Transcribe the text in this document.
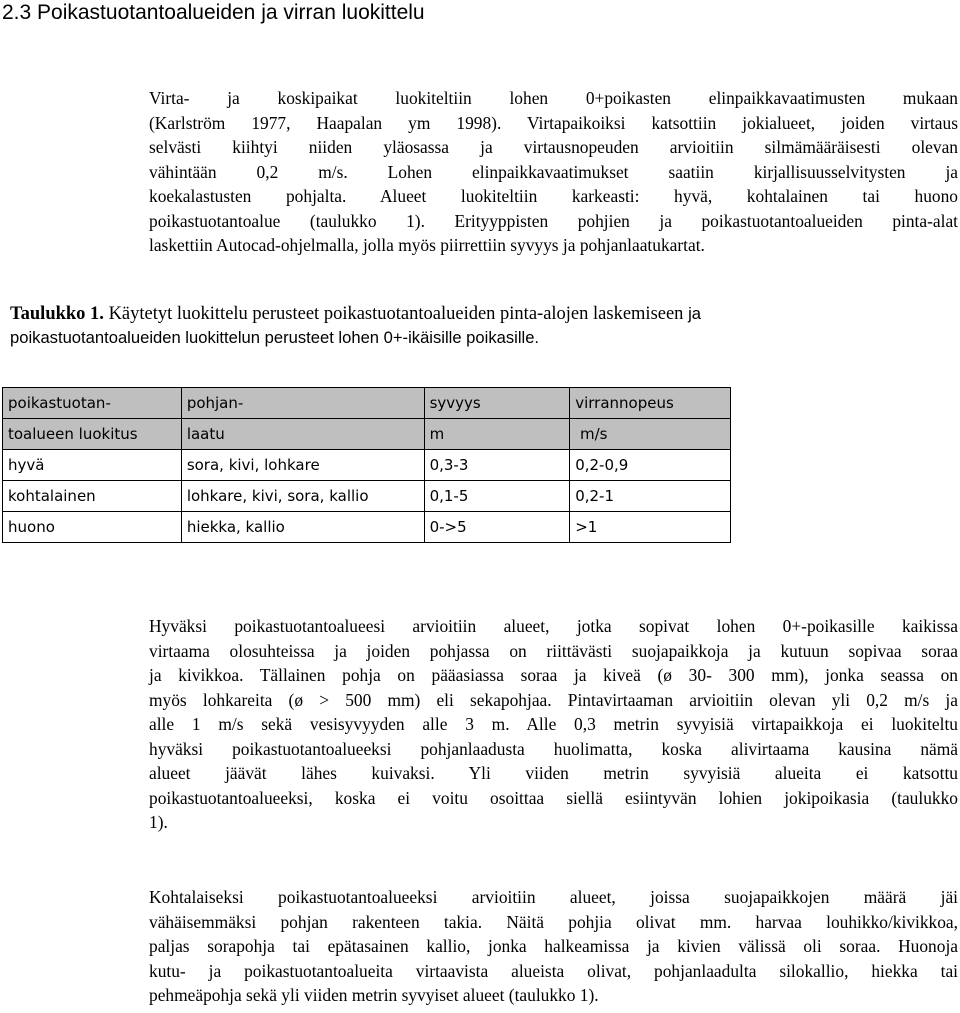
2.3 Poikastuotantoalueiden ja virran luokittelu
Virta- ja koskipaikat luokiteltiin lohen 0+poikasten elinpaikkavaatimusten mukaan
(Karlström 1977, Haapalan ym 1998). Virtapaikoiksi katsottiin jokialueet, joiden virtaus
selvästi kiihtyi niiden yläosassa ja virtausnopeuden arvioitiin silmämääräisesti olevan
vähintään 0,2 m/s. Lohen elinpaikkavaatimukset saatiin kirjallisuusselvitysten ja
koekalastusten pohjalta. Alueet luokiteltiin karkeasti: hyvä, kohtalainen tai huono
poikastuotantoalue (taulukko 1). Erityyppisten pohjien ja poikastuotantoalueiden pinta-alat
laskettiin Autocad-ohjelmalla, jolla myös piirrettiin syvyys ja pohjanlaatukartat.
Taulukko 1. Käytetyt luokittelu perusteet poikastuotantoalueiden pinta-alojen laskemiseen ja
poikastuotantoalueiden luokittelun perusteet lohen 0+-ikäisille poikasille.
poikastuotan-	pohjan-	syvyys	virrannopeus
toalueen luokitus	laatu	m	m/s
hyvä	sora, kivi, lohkare	0,3-3	0,2-0,9
kohtalainen	lohkare, kivi, sora, kallio	0,1-5	0,2-1
huono	hiekka, kallio	0->5	>1
Hyväksi poikastuotantoalueesi arvioitiin alueet, jotka sopivat lohen 0+-poikasille kaikissa
virtaama olosuhteissa ja joiden pohjassa on riittävästi suojapaikkoja ja kutuun sopivaa soraa
ja kivikkoa. Tällainen pohja on pääasiassa soraa ja kiveä (ø 30- 300 mm), jonka seassa on
myös lohkareita (ø > 500 mm) eli sekapohjaa. Pintavirtaaman arvioitiin olevan yli 0,2 m/s ja
alle 1 m/s sekä vesisyvyyden alle 3 m. Alle 0,3 metrin syvyisiä virtapaikkoja ei luokiteltu
hyväksi poikastuotantoalueeksi pohjanlaadusta huolimatta, koska alivirtaama kausina nämä
alueet jäävät lähes kuivaksi. Yli viiden metrin syvyisiä alueita ei katsottu
poikastuotantoalueeksi, koska ei voitu osoittaa siellä esiintyvän lohien jokipoikasia (taulukko
1).
Kohtalaiseksi poikastuotantoalueeksi arvioitiin alueet, joissa suojapaikkojen määrä jäi
vähäisemmäksi pohjan rakenteen takia. Näitä pohjia olivat mm. harvaa louhikko/kivikkoa,
paljas sorapohja tai epätasainen kallio, jonka halkeamissa ja kivien välissä oli soraa. Huonoja
kutu- ja poikastuotantoalueita virtaavista alueista olivat, pohjanlaadulta silokallio, hiekka tai
pehmeäpohja sekä yli viiden metrin syvyiset alueet (taulukko 1).
